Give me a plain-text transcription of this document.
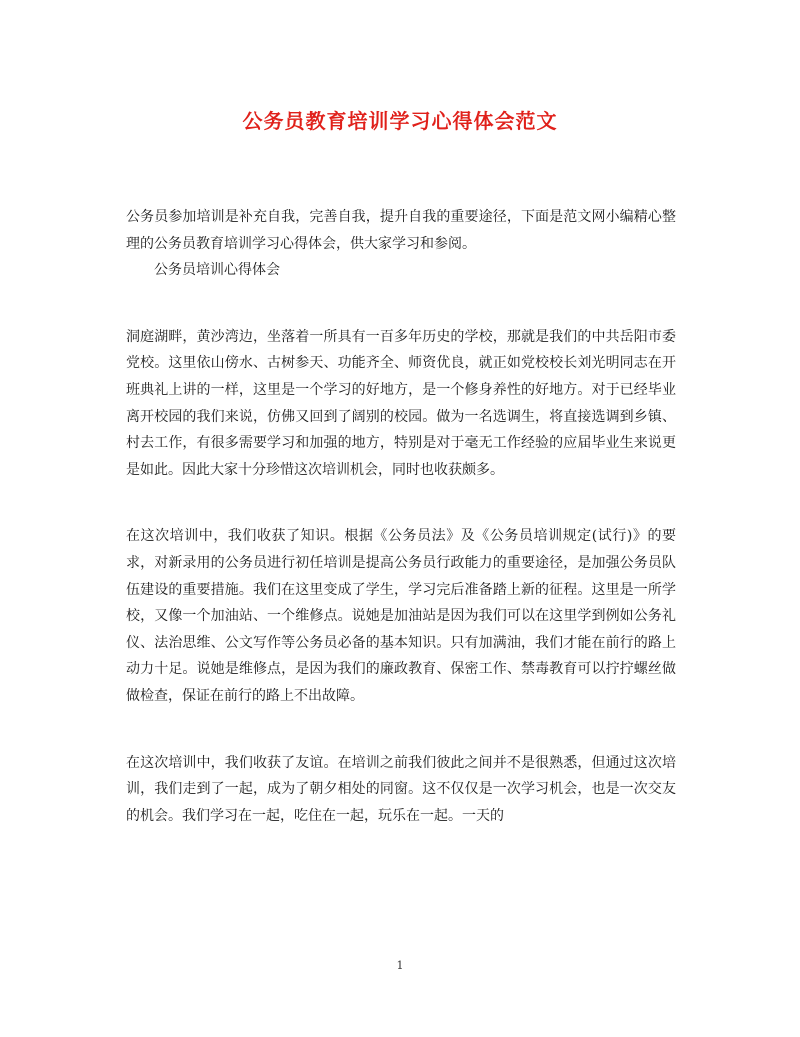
公务员教育培训学习心得体会范文

公务员参加培训是补充自我，完善自我，提升自我的重要途径，下面是范文网小编精心整理的公务员教育培训学习心得体会，供大家学习和参阅。

公务员培训心得体会

洞庭湖畔，黄沙湾边，坐落着一所具有一百多年历史的学校，那就是我们的中共岳阳市委党校。这里依山傍水、古树参天、功能齐全、师资优良，就正如党校校长刘光明同志在开班典礼上讲的一样，这里是一个学习的好地方，是一个修身养性的好地方。对于已经毕业离开校园的我们来说，仿佛又回到了阔别的校园。做为一名选调生，将直接选调到乡镇、村去工作，有很多需要学习和加强的地方，特别是对于毫无工作经验的应届毕业生来说更是如此。因此大家十分珍惜这次培训机会，同时也收获颇多。

在这次培训中，我们收获了知识。根据《公务员法》及《公务员培训规定(试行)》的要求，对新录用的公务员进行初任培训是提高公务员行政能力的重要途径，是加强公务员队伍建设的重要措施。我们在这里变成了学生，学习完后准备踏上新的征程。这里是一所学校，又像一个加油站、一个维修点。说她是加油站是因为我们可以在这里学到例如公务礼仪、法治思维、公文写作等公务员必备的基本知识。只有加满油，我们才能在前行的路上动力十足。说她是维修点，是因为我们的廉政教育、保密工作、禁毒教育可以拧拧螺丝做做检查，保证在前行的路上不出故障。

在这次培训中，我们收获了友谊。在培训之前我们彼此之间并不是很熟悉，但通过这次培训，我们走到了一起，成为了朝夕相处的同窗。这不仅仅是一次学习机会，也是一次交友的机会。我们学习在一起，吃住在一起，玩乐在一起。一天的

1
